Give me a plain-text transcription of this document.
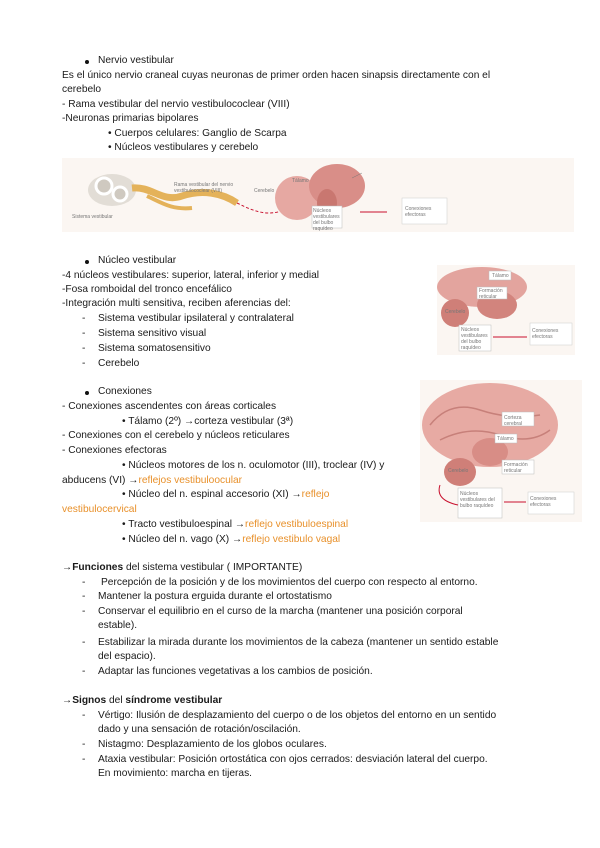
Nervio vestibular
Es el único nervio craneal cuyas neuronas de primer orden hacen sinapsis directamente con el
cerebelo
- Rama vestibular del nervio vestibulococlear (VIII)
-Neuronas primarias bipolares
• Cuerpos celulares: Ganglio de Scarpa
• Núcleos vestibulares y cerebelo
Rama vestibular del nervio vestibulococlear (VIII)	Cerebelo
Tálamo
Núcleos vestibulares del bulbo raquídeo
Conexiones efectoras
Sistema vestibular
Núcleo vestibular
-4 núcleos vestibulares: superior, lateral, inferior y medial
-Fosa romboidal del tronco encefálico
-Integración multi sensitiva, reciben aferencias del:
- Sistema vestibular ipsilateral y contralateral
- Sistema sensitivo visual
- Sistema somatosensitivo
- Cerebelo
Tálamo
Formación reticular
Cerebelo
Núcleos vestibulares del bulbo raquídeo
Conexiones efectoras
Conexiones
- Conexiones ascendentes con áreas corticales
• Tálamo (2º) →corteza vestibular (3ª)
- Conexiones con el cerebelo y núcleos reticulares
- Conexiones efectoras
• Núcleos motores de los n. oculomotor (III), troclear (IV) y
abducens (VI) →reflejos vestibuloocular
• Núcleo del n. espinal accesorio (XI) →reflejo
vestibulocervical
• Tracto vestibuloespinal →reflejo vestibuloespinal
• Núcleo del n. vago (X) →reflejo vestibulo vagal
Corteza cerebral
Tálamo
Formación reticular
Cerebelo
Núcleos vestibulares del bulbo raquídeo
Conexiones efectoras
→Funciones del sistema vestibular ( IMPORTANTE)
- Percepción de la posición y de los movimientos del cuerpo con respecto al entorno.
- Mantener la postura erguida durante el ortostatismo
- Conservar el equilibrio en el curso de la marcha (mantener una posición corporal
estable).
- Estabilizar la mirada durante los movimientos de la cabeza (mantener un sentido estable
del espacio).
- Adaptar las funciones vegetativas a los cambios de posición.
→Signos del síndrome vestibular
- Vértigo: Ilusión de desplazamiento del cuerpo o de los objetos del entorno en un sentido
dado y una sensación de rotación/oscilación.
- Nistagmo: Desplazamiento de los globos oculares.
- Ataxia vestibular: Posición ortostática con ojos cerrados: desviación lateral del cuerpo.
En movimiento: marcha en tijeras.
